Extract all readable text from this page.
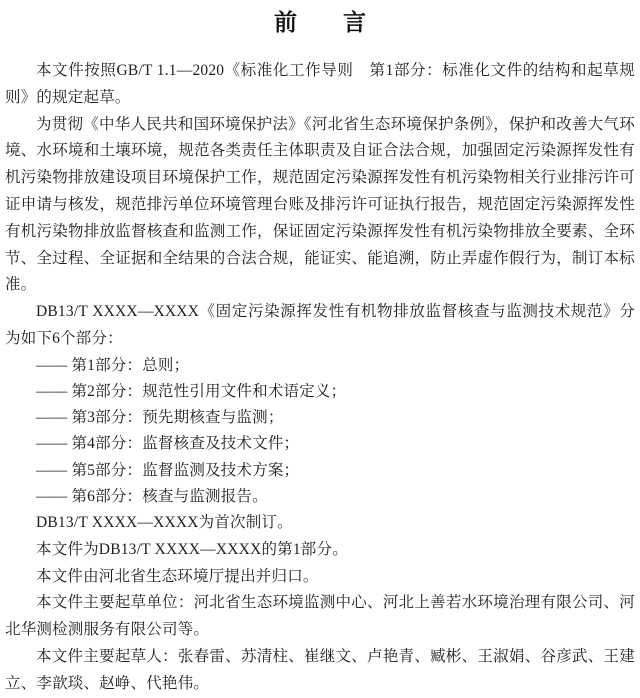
前　　言

本文件按照GB/T 1.1—2020《标准化工作导则　第1部分：标准化文件的结构和起草规则》的规定起草。

为贯彻《中华人民共和国环境保护法》《河北省生态环境保护条例》，保护和改善大气环境、水环境和土壤环境，规范各类责任主体职责及自证合法合规，加强固定污染源挥发性有机污染物排放建设项目环境保护工作，规范固定污染源挥发性有机污染物相关行业排污许可证申请与核发，规范排污单位环境管理台账及排污许可证执行报告，规范固定污染源挥发性有机污染物排放监督核查和监测工作，保证固定污染源挥发性有机污染物排放全要素、全环节、全过程、全证据和全结果的合法合规，能证实、能追溯，防止弄虚作假行为，制订本标准。

DB13/T XXXX—XXXX《固定污染源挥发性有机物排放监督核查与监测技术规范》分为如下6个部分：

—— 第1部分：总则；

—— 第2部分：规范性引用文件和术语定义；

—— 第3部分：预先期核查与监测；

—— 第4部分：监督核查及技术文件；

—— 第5部分：监督监测及技术方案；

—— 第6部分：核查与监测报告。

DB13/T XXXX—XXXX为首次制订。

本文件为DB13/T XXXX—XXXX的第1部分。

本文件由河北省生态环境厅提出并归口。

本文件主要起草单位：河北省生态环境监测中心、河北上善若水环境治理有限公司、河北华测检测服务有限公司等。

本文件主要起草人：张春雷、苏清柱、崔继文、卢艳青、臧彬、王淑娟、谷彦武、王建立、李歆琰、赵峥、代艳伟。
